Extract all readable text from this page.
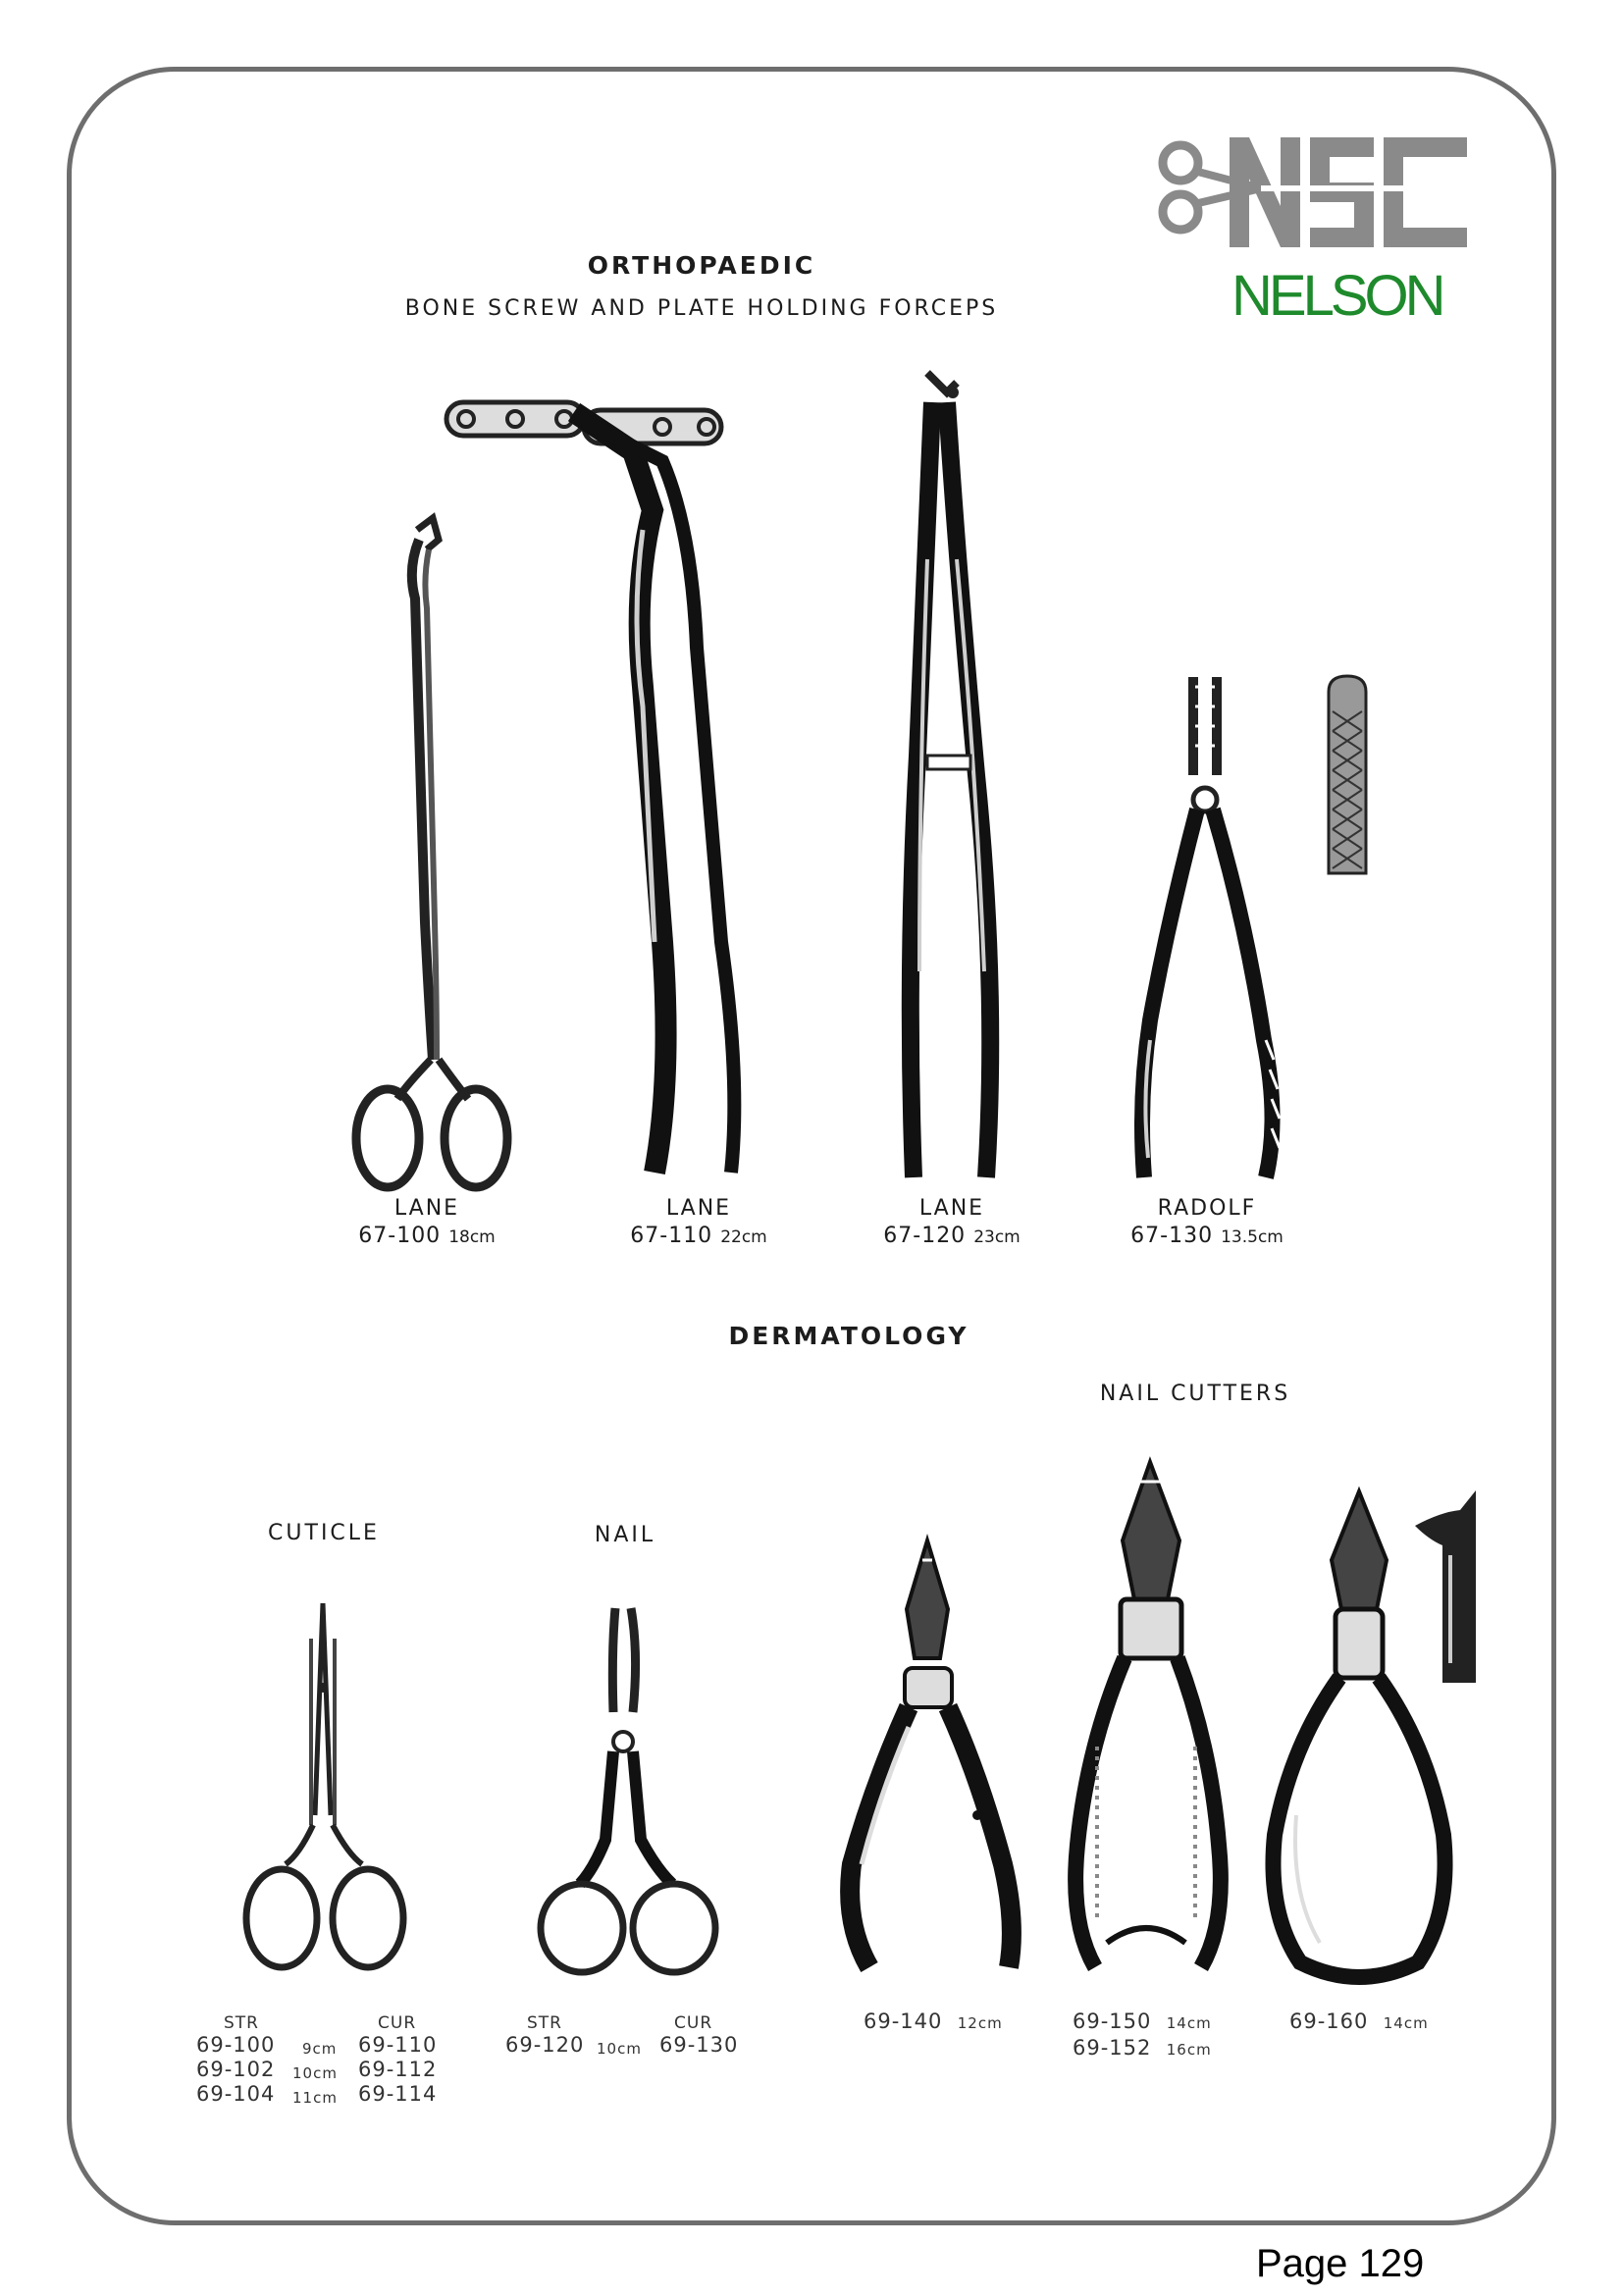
NELSON
ORTHOPAEDIC
BONE SCREW AND PLATE HOLDING FORCEPS
LANE
67-100 18cm
LANE
67-110 22cm
LANE
67-120 23cm
RADOLF
67-130 13.5cm
DERMATOLOGY
NAIL CUTTERS
CUTICLE	NAIL
STR	CUR
69-100 9cm 69-110
69-102 10cm 69-112
69-104 11cm 69-114
STR	CUR
69-120 10cm 69-130
69-140 12cm	69-150 14cm
69-152 16cm
69-160 14cm
Page 129
